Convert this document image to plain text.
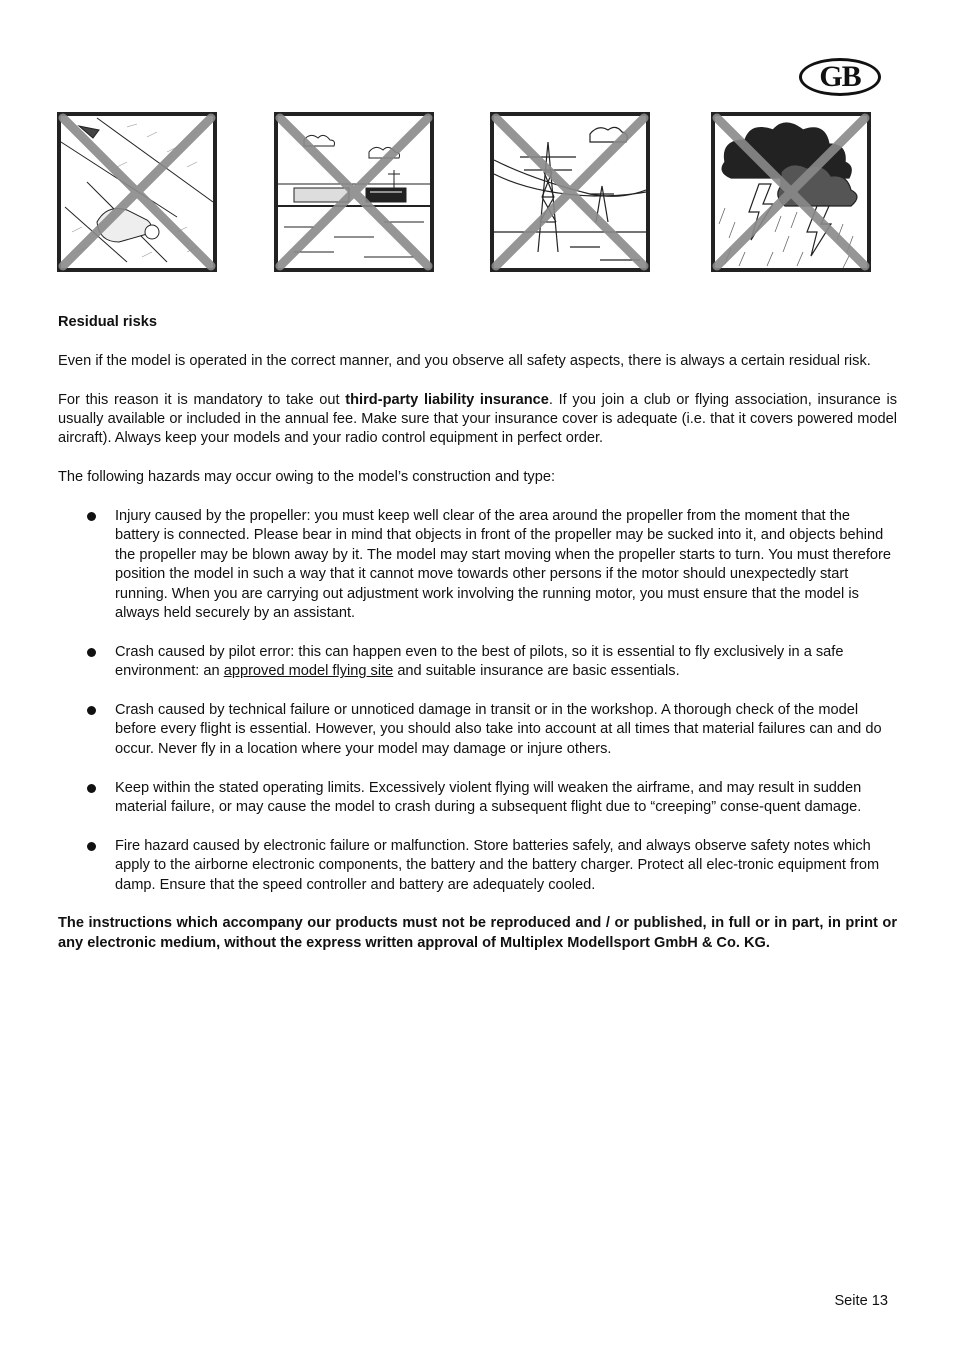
GB

Residual risks

Even if the model is operated in the correct manner, and you observe all safety aspects, there is always a certain residual risk.

For this reason it is mandatory to take out third-party liability insurance. If you join a club or flying association, insurance is usually available or included in the annual fee. Make sure that your insurance cover is adequate (i.e. that it covers powered model aircraft). Always keep your models and your radio control equipment in perfect order.

The following hazards may occur owing to the model’s construction and type:

Injury caused by the propeller: you must keep well clear of the area around the propeller from the moment that the battery is connected. Please bear in mind that objects in front of the propeller may be sucked into it, and objects behind the propeller may be blown away by it. The model may start moving when the propeller starts to turn. You must therefore position the model in such a way that it cannot move towards other persons if the motor should unexpectedly start running. When you are carrying out adjustment work involving the running motor, you must ensure that the model is always held securely by an assistant.
Crash caused by pilot error: this can happen even to the best of pilots, so it is essential to fly exclusively in a safe environment: an approved model flying site and suitable insurance are basic essentials.
Crash caused by technical failure or unnoticed damage in transit or in the workshop. A thorough check of the model before every flight is essential. However, you should also take into account at all times that material failures can and do occur. Never fly in a location where your model may damage or injure others.
Keep within the stated operating limits. Excessively violent flying will weaken the airframe, and may result in sudden material failure, or may cause the model to crash during a subsequent flight due to “creeping” conse-quent damage.
Fire hazard caused by electronic failure or malfunction. Store batteries safely, and always observe safety notes which apply to the airborne electronic components, the battery and the battery charger. Protect all elec-tronic equipment from damp. Ensure that the speed controller and battery are adequately cooled.

The instructions which accompany our products must not be reproduced and / or published, in full or in part, in print or any electronic medium, without the express written approval of Multiplex Modellsport GmbH & Co. KG.

Seite 13
